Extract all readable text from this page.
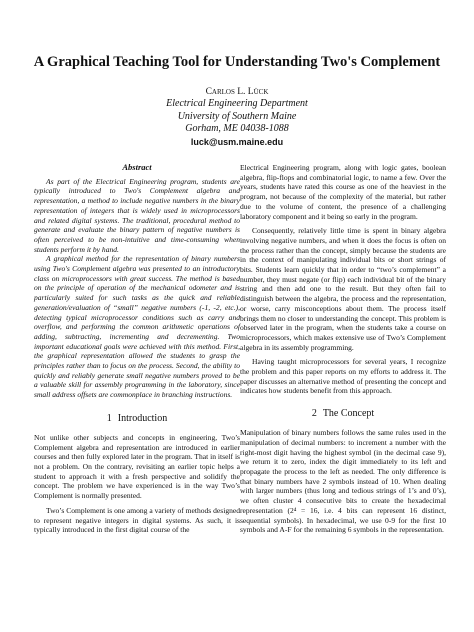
A Graphical Teaching Tool for Understanding Two's Complement
Carlos L. Lück
Electrical Engineering Department
University of Southern Maine
Gorham, ME 04038-1088
luck@usm.maine.edu
Abstract

As part of the Electrical Engineering program, students are typically introduced to Two's Complement algebra and representation, a method to include negative numbers in the binary representation of integers that is widely used in microprocessors and related digital systems. The traditional, procedural method to generate and evaluate the binary pattern of negative numbers is often perceived to be non-intuitive and time-consuming when students perform it by hand.

A graphical method for the representation of binary numbers using Two's Complement algebra was presented to an introductory class on microprocessors with great success. The method is based on the principle of operation of the mechanical odometer and is particularly suited for such tasks as the quick and reliable generation/evaluation of “small” negative numbers (-1, -2, etc.), detecting typical microprocessor conditions such as carry and overflow, and performing the common arithmetic operations of adding, subtracting, incrementing and decrementing. Two important educational goals were achieved with this method. First, the graphical representation allowed the students to grasp the principles rather than to focus on the process. Second, the ability to quickly and reliably generate small negative numbers proved to be a valuable skill for assembly programming in the laboratory, since small address offsets are commonplace in branching instructions.

1 Introduction

Not unlike other subjects and concepts in engineering, Two’s Complement algebra and representation are introduced in earlier courses and then fully explored later in the program. That in itself is not a problem. On the contrary, revisiting an earlier topic helps a student to approach it with a fresh perspective and solidify the concept. The problem we have experienced is in the way Two’s Complement is normally presented.

Two’s Complement is one among a variety of methods designed to represent negative integers in digital systems. As such, it is typically introduced in the first digital course of the

Electrical Engineering program, along with logic gates, boolean algebra, flip-flops and combinatorial logic, to name a few. Over the years, students have rated this course as one of the heaviest in the program, not because of the complexity of the material, but rather due to the volume of content, the presence of a challenging laboratory component and it being so early in the program.

Consequently, relatively little time is spent in binary algebra involving negative numbers, and when it does the focus is often on the process rather than the concept, simply because the students are in the context of manipulating individual bits or short strings of bits. Students learn quickly that in order to “two’s complement” a number, they must negate (or flip) each individual bit of the binary string and then add one to the result. But they often fail to distinguish between the algebra, the process and the representation, or worse, carry misconceptions about them. The process itself brings them no closer to understanding the concept. This problem is observed later in the program, when the students take a course on microprocessors, which makes extensive use of Two’s Complement algebra in its assembly programming.

Having taught microprocessors for several years, I recognize the problem and this paper reports on my efforts to address it. The paper discusses an alternative method of presenting the concept and indicates how students benefit from this approach.

2 The Concept

Manipulation of binary numbers follows the same rules used in the manipulation of decimal numbers: to increment a number with the right-most digit having the highest symbol (in the decimal case 9), we return it to zero, index the digit immediately to its left and propagate the process to the left as needed. The only difference is that binary numbers have 2 symbols instead of 10. When dealing with larger numbers (thus long and tedious strings of 1’s and 0’s), we often cluster 4 consecutive bits to create the hexadecimal representation (2⁴ = 16, i.e. 4 bits can represent 16 distinct, sequential symbols). In hexadecimal, we use 0-9 for the first 10 symbols and A-F for the remaining 6 symbols in the representation.
